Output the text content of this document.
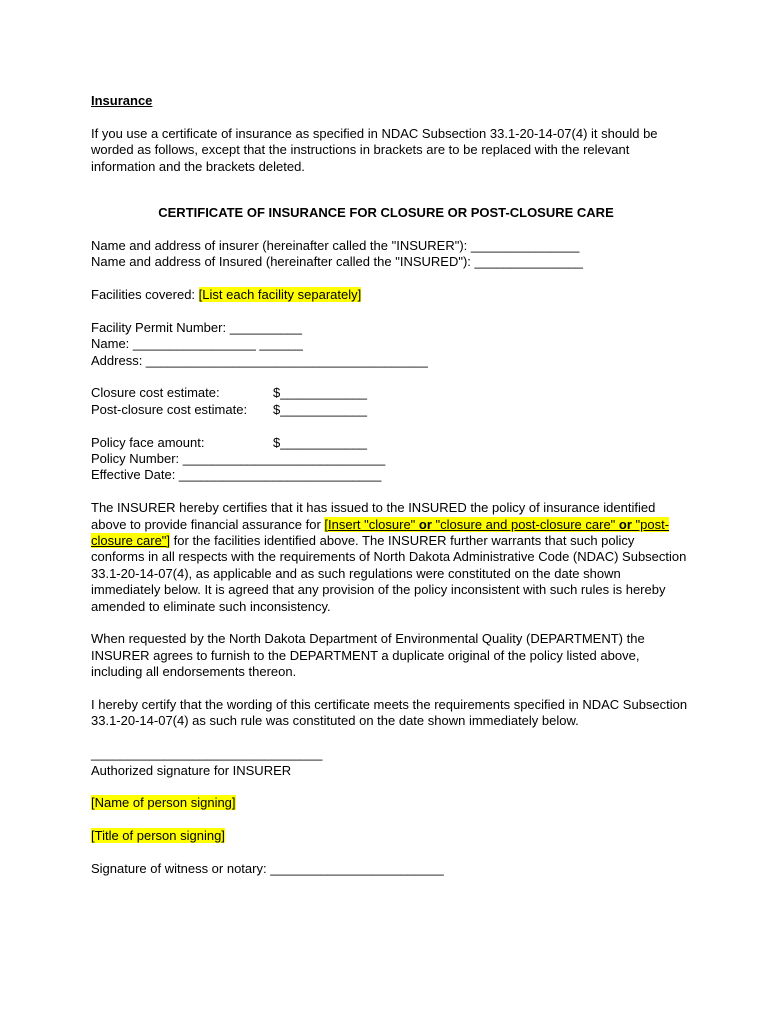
Insurance

If you use a certificate of insurance as specified in NDAC Subsection 33.1-20-14-07(4) it should be worded as follows, except that the instructions in brackets are to be replaced with the relevant information and the brackets deleted.

CERTIFICATE OF INSURANCE FOR CLOSURE OR POST-CLOSURE CARE

Name and address of insurer (hereinafter called the "INSURER"): _______________

Name and address of Insured (hereinafter called the "INSURED"): _______________

Facilities covered: [List each facility separately]

Facility Permit Number: __________

Name: _________________ ______

Address: _______________________________________

Closure cost estimate:	$____________
Post-closure cost estimate:	$____________
Policy face amount:	$____________

Policy Number: ____________________________

Effective Date: ____________________________

The INSURER hereby certifies that it has issued to the INSURED the policy of insurance identified above to provide financial assurance for [Insert "closure" or "closure and post-closure care" or "post-closure care"] for the facilities identified above. The INSURER further warrants that such policy conforms in all respects with the requirements of North Dakota Administrative Code (NDAC) Subsection 33.1-20-14-07(4), as applicable and as such regulations were constituted on the date shown immediately below. It is agreed that any provision of the policy inconsistent with such rules is hereby amended to eliminate such inconsistency.

When requested by the North Dakota Department of Environmental Quality (DEPARTMENT) the INSURER agrees to furnish to the DEPARTMENT a duplicate original of the policy listed above, including all endorsements thereon.

I hereby certify that the wording of this certificate meets the requirements specified in NDAC Subsection 33.1-20-14-07(4) as such rule was constituted on the date shown immediately below.

________________________________

Authorized signature for INSURER

[Name of person signing]

[Title of person signing]

Signature of witness or notary: ________________________
